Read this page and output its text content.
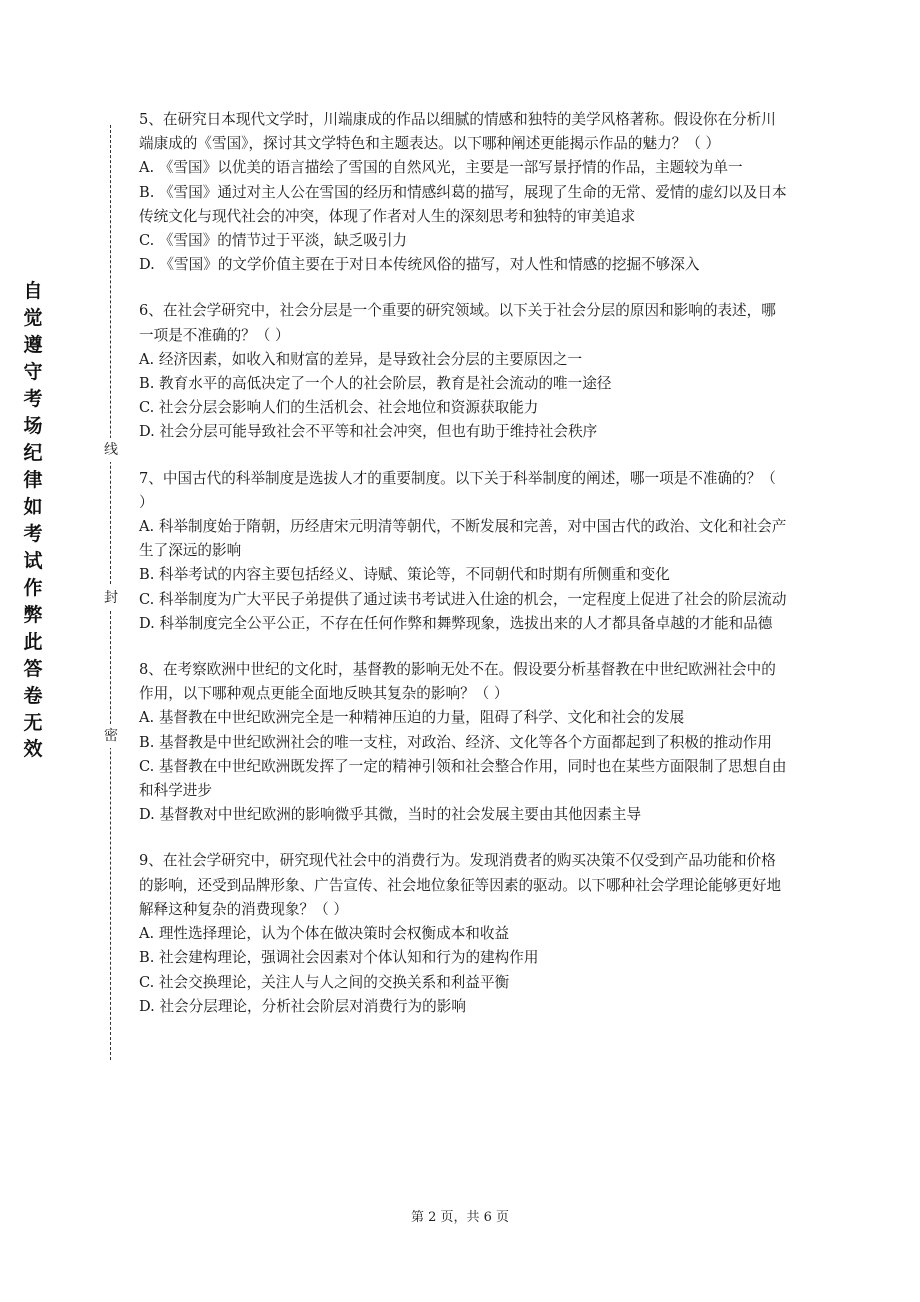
自觉遵守考场纪律如考试作弊此答卷无效
线
封
密

5、在研究日本现代文学时，川端康成的作品以细腻的情感和独特的美学风格著称。假设你在分析川端康成的《雪国》，探讨其文学特色和主题表达。以下哪种阐述更能揭示作品的魅力？（ ）

A. 《雪国》以优美的语言描绘了雪国的自然风光，主要是一部写景抒情的作品，主题较为单一

B. 《雪国》通过对主人公在雪国的经历和情感纠葛的描写，展现了生命的无常、爱情的虚幻以及日本传统文化与现代社会的冲突，体现了作者对人生的深刻思考和独特的审美追求

C. 《雪国》的情节过于平淡，缺乏吸引力

D. 《雪国》的文学价值主要在于对日本传统风俗的描写，对人性和情感的挖掘不够深入

6、在社会学研究中，社会分层是一个重要的研究领域。以下关于社会分层的原因和影响的表述，哪一项是不准确的？（ ）

A. 经济因素，如收入和财富的差异，是导致社会分层的主要原因之一

B. 教育水平的高低决定了一个人的社会阶层，教育是社会流动的唯一途径

C. 社会分层会影响人们的生活机会、社会地位和资源获取能力

D. 社会分层可能导致社会不平等和社会冲突，但也有助于维持社会秩序

7、中国古代的科举制度是选拔人才的重要制度。以下关于科举制度的阐述，哪一项是不准确的？（ ）

A. 科举制度始于隋朝，历经唐宋元明清等朝代，不断发展和完善，对中国古代的政治、文化和社会产生了深远的影响

B. 科举考试的内容主要包括经义、诗赋、策论等，不同朝代和时期有所侧重和变化

C. 科举制度为广大平民子弟提供了通过读书考试进入仕途的机会，一定程度上促进了社会的阶层流动

D. 科举制度完全公平公正，不存在任何作弊和舞弊现象，选拔出来的人才都具备卓越的才能和品德

8、在考察欧洲中世纪的文化时，基督教的影响无处不在。假设要分析基督教在中世纪欧洲社会中的作用，以下哪种观点更能全面地反映其复杂的影响？（ ）

A. 基督教在中世纪欧洲完全是一种精神压迫的力量，阻碍了科学、文化和社会的发展

B. 基督教是中世纪欧洲社会的唯一支柱，对政治、经济、文化等各个方面都起到了积极的推动作用

C. 基督教在中世纪欧洲既发挥了一定的精神引领和社会整合作用，同时也在某些方面限制了思想自由和科学进步

D. 基督教对中世纪欧洲的影响微乎其微，当时的社会发展主要由其他因素主导

9、在社会学研究中，研究现代社会中的消费行为。发现消费者的购买决策不仅受到产品功能和价格的影响，还受到品牌形象、广告宣传、社会地位象征等因素的驱动。以下哪种社会学理论能够更好地解释这种复杂的消费现象？（ ）

A. 理性选择理论，认为个体在做决策时会权衡成本和收益

B. 社会建构理论，强调社会因素对个体认知和行为的建构作用

C. 社会交换理论，关注人与人之间的交换关系和利益平衡

D. 社会分层理论，分析社会阶层对消费行为的影响

第 2 页，共 6 页
